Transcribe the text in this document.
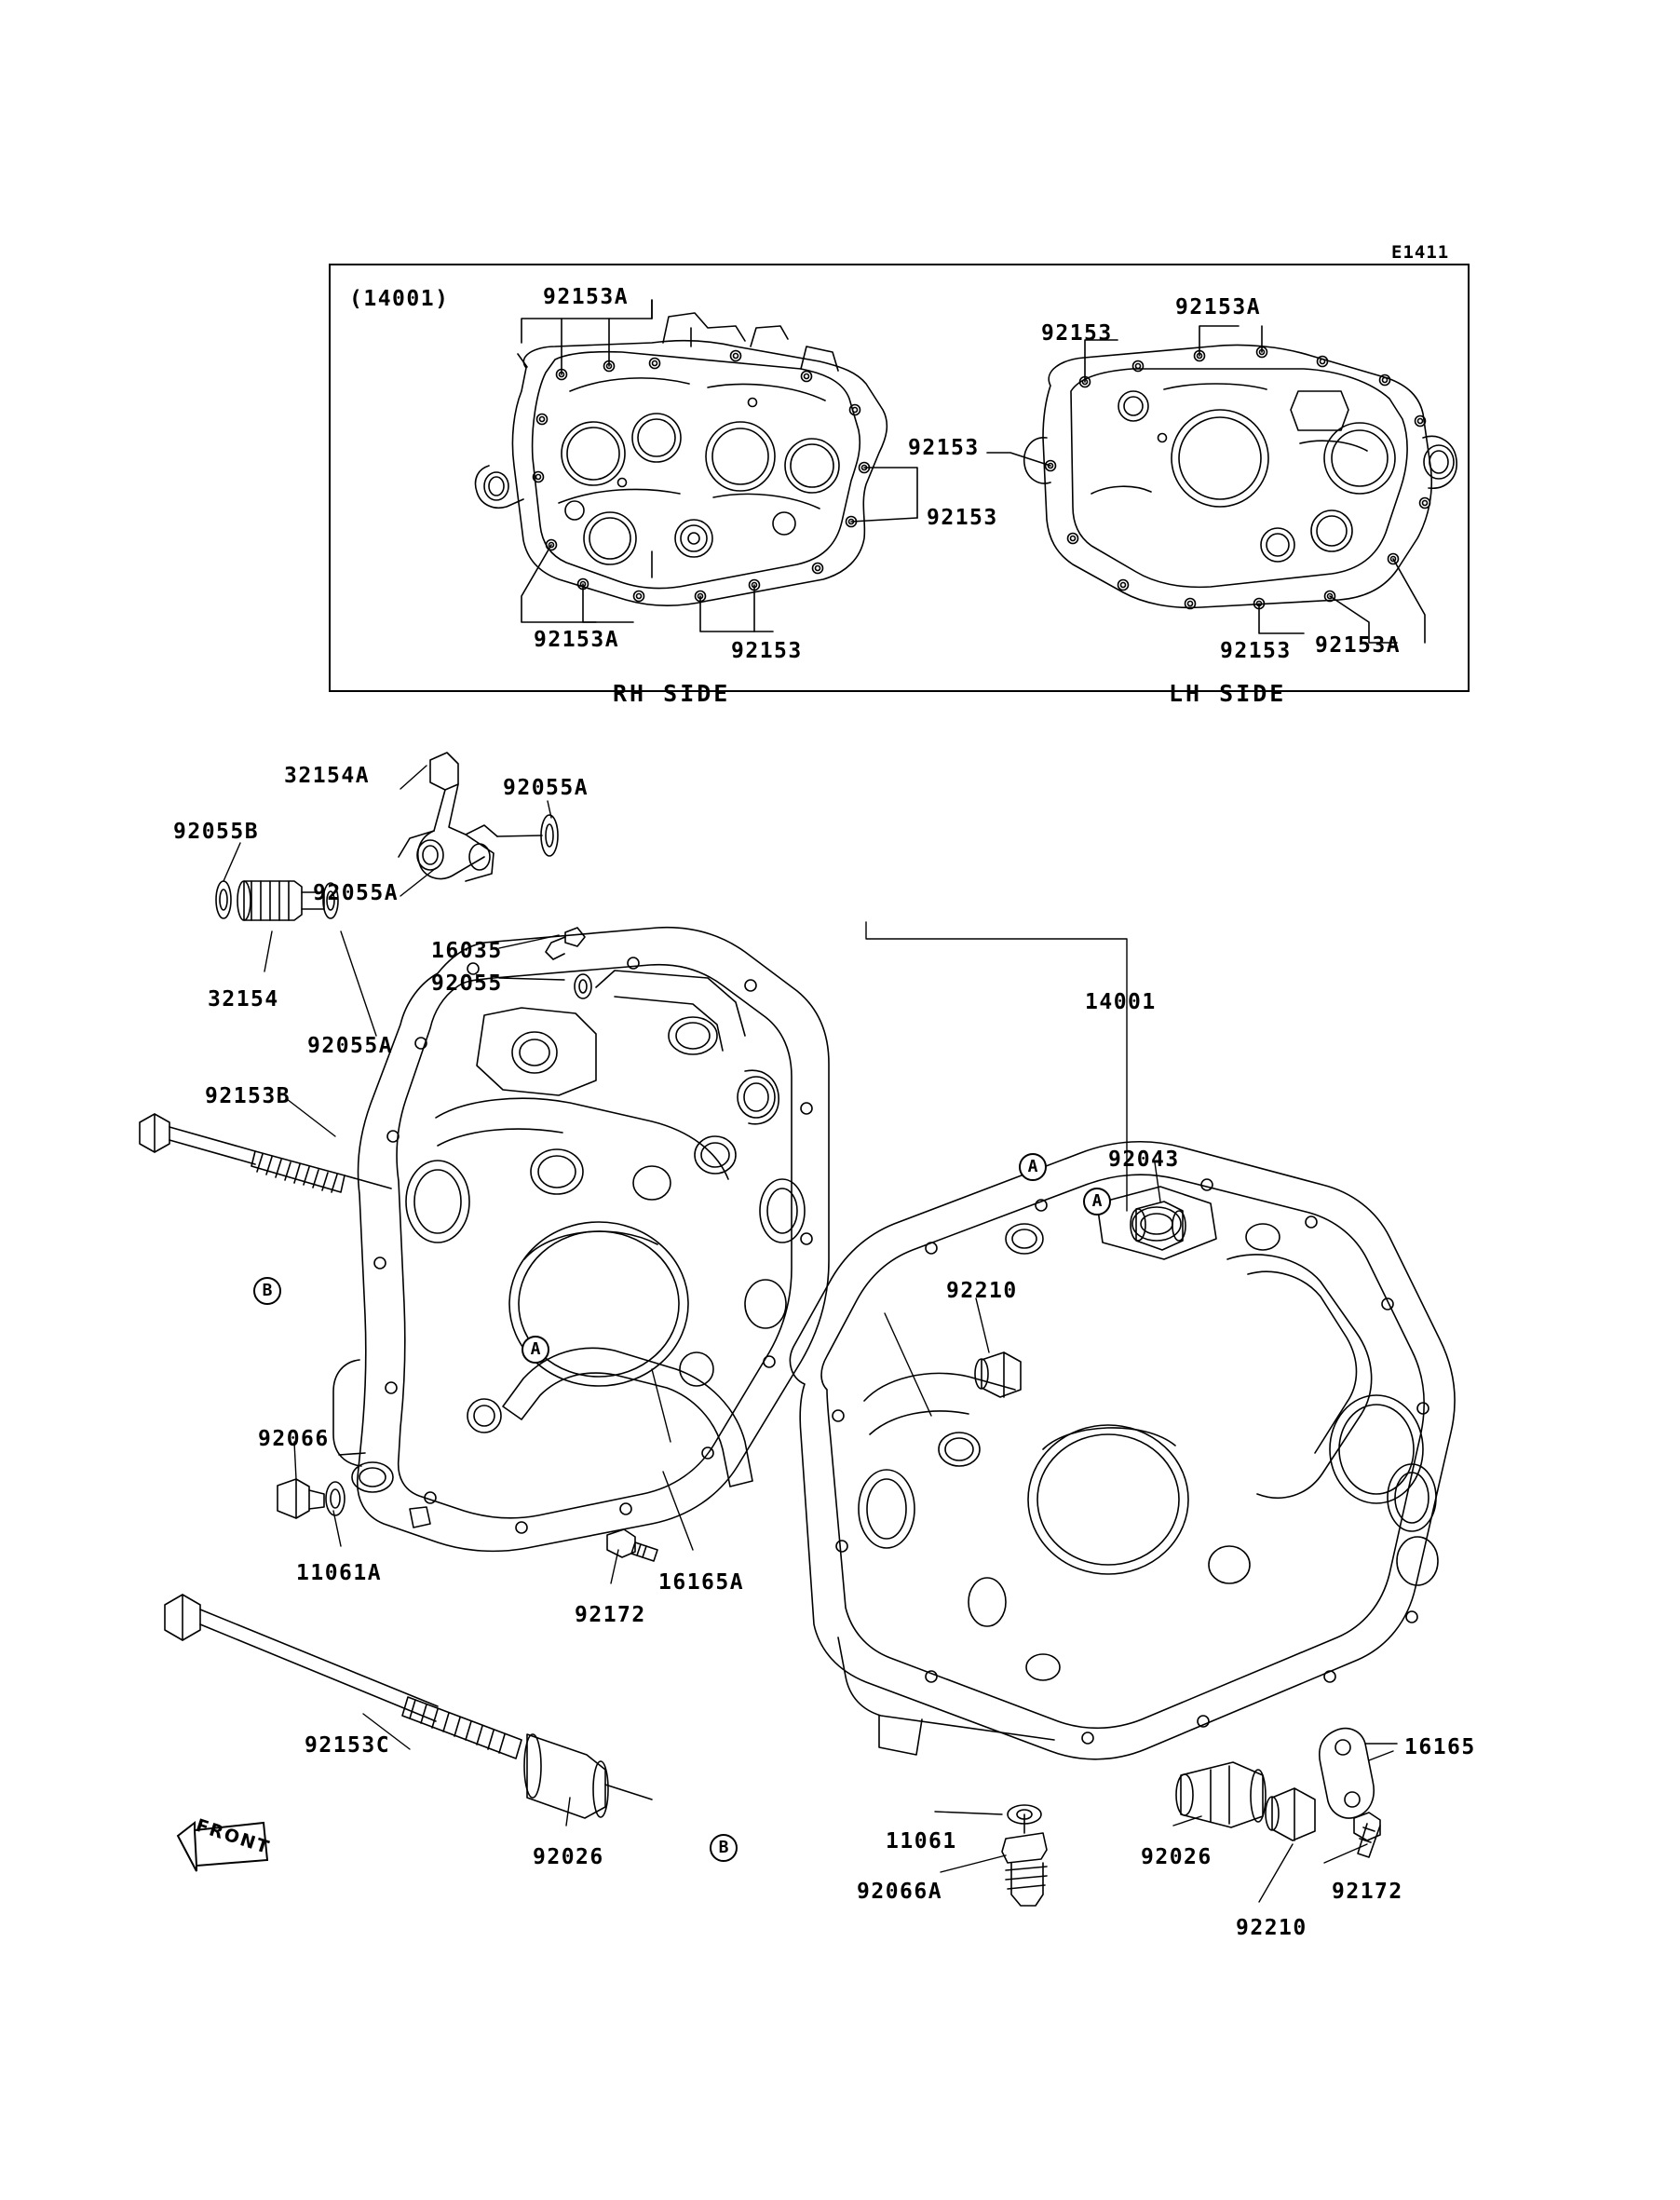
E1411
(14001)
RH SIDE	LH SIDE
92153A
92153A	92153
92153
92153
92153A
92153
92153 92153A
32154A	92055A
92055B
92055A
32154
92055A
16035
92O55
14001
92043
92153B
92210
92066
11061A
92172
16165A
92153C	16165
92026
11061
92026
92172
92066A
92210
A
A
A
B
B
FRONT
